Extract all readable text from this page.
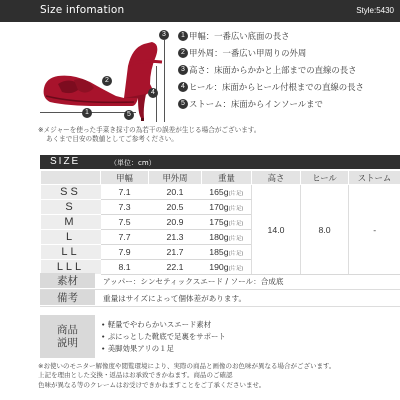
Size infomation	Style:5430
1
2
3
4
5
1 甲幅：一番広い底面の長さ
2 甲外周：一番広い甲周りの外周
3 高さ：床面からかかと上部までの直線の長さ
4 ヒール：床面からヒール付根までの直線の長さ
5 ストーム：床面からインソールまで
※メジャーを使った手菜き採寸の為若干の誤差が生じる場合がございます。
あくまで目安の数値としてご参考ください。
SIZE	（単位：cm）
	甲幅	甲外周	重量	高さ	ヒール	ストーム
SS	7.1	20.1	165g(片足)	14.0	8.0	-
S	7.3	20.5	170g(片足)			
M	7.5	20.9	175g(片足)			
L	7.7	21.3	180g(片足)			
LL	7.9	21.7	185g(片足)			
LLL	8.1	22.1	190g(片足)			
素材	アッパー：シンセティックスエード / ソール：合成底
備考	重量はサイズによって個体差があります。
商品
説明
• 軽量でやわらかいスエード素材
• ぷにっとした靴底で足裏をサポート
• 美脚効果アリの１足
※お使いのモニター解像度や閲覧環境により、実際の商品と画像のお色味が異なる場合がございます。
上記を理由とした交換・返品はお承致できかねます。商品のご確認
色味が異なる等のクレームはお受けできかねますことをご了承くださいませ。
